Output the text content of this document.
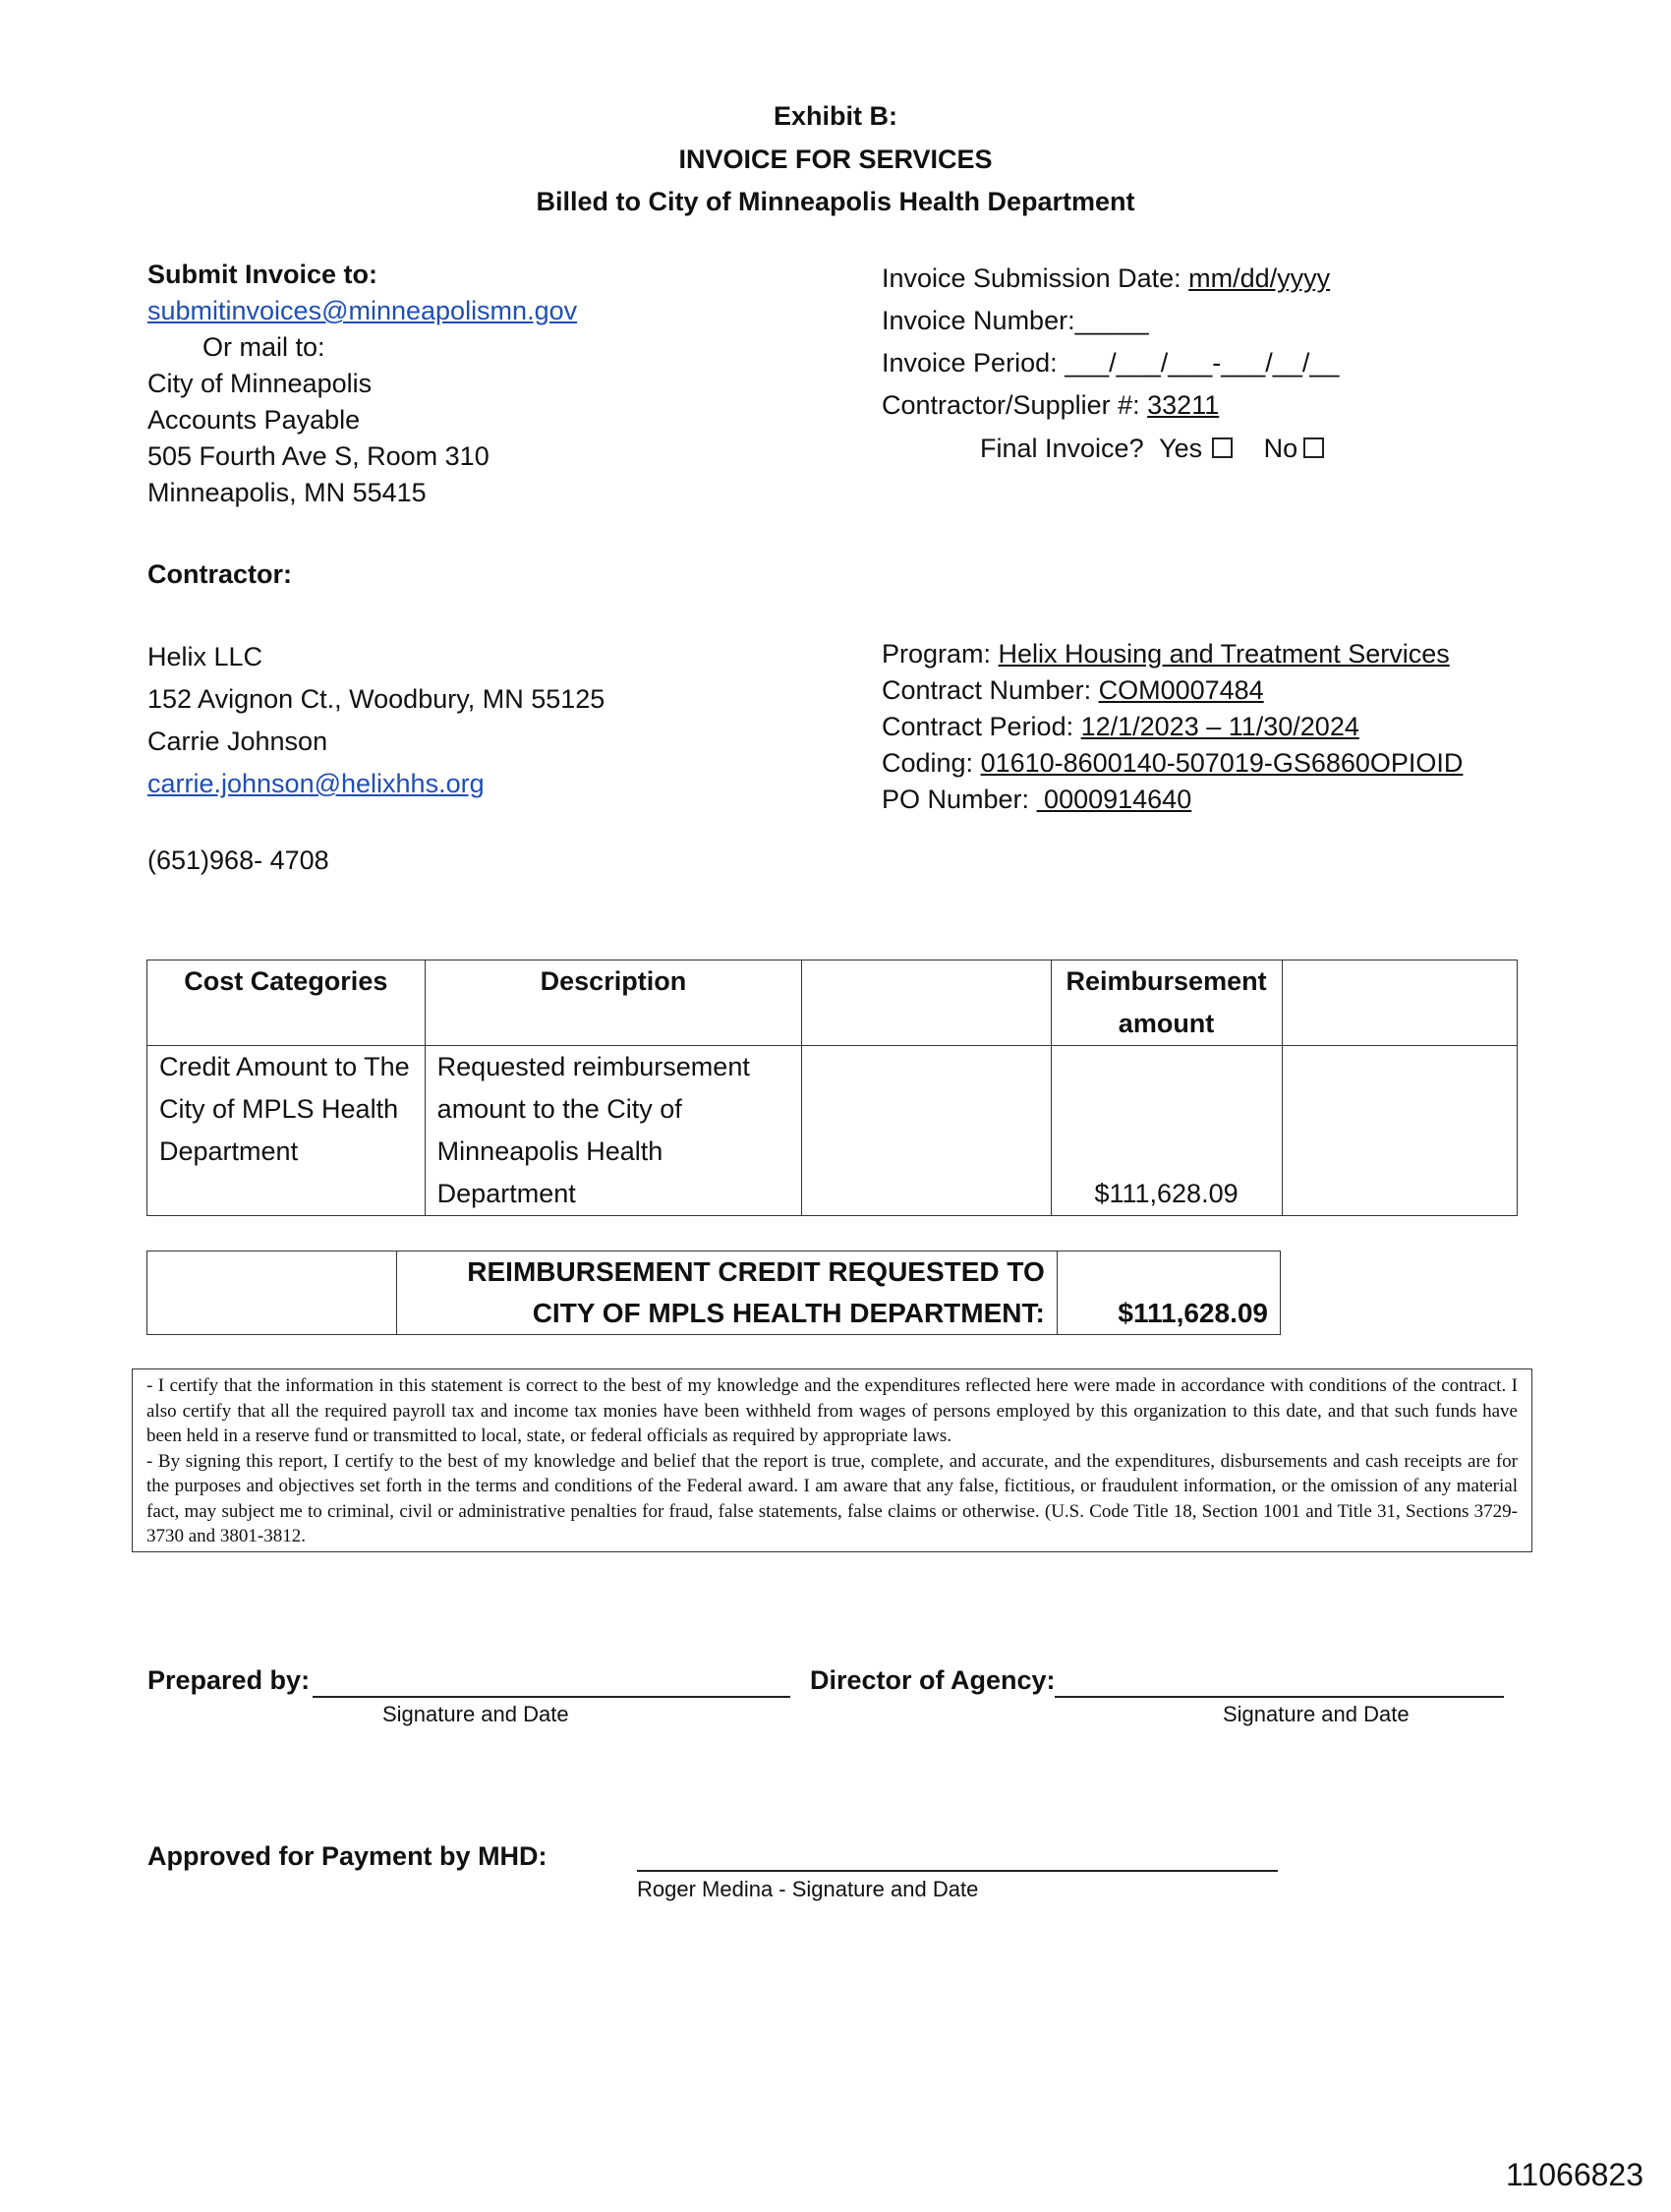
Exhibit B:
INVOICE FOR SERVICES
Billed to City of Minneapolis Health Department
Submit Invoice to:
submitinvoices@minneapolismn.gov
Or mail to:
City of Minneapolis
Accounts Payable
505 Fourth Ave S, Room 310
Minneapolis, MN 55415
Invoice Submission Date: mm/dd/yyyy
Invoice Number:_____
Invoice Period: ___/___/___-___/__/__
Contractor/Supplier #: 33211
Final Invoice? Yes No
Contractor:
Helix LLC
152 Avignon Ct., Woodbury, MN 55125
Carrie Johnson
carrie.johnson@helixhhs.org
(651)968- 4708
Program: Helix Housing and Treatment Services
Contract Number: COM0007484
Contract Period: 12/1/2023 – 11/30/2024
Coding: 01610-8600140-507019-GS6860OPIOID
PO Number:  0000914640
Cost Categories	Description		Reimbursement amount	
Credit Amount to The City of MPLS Health Department	Requested reimbursement amount to the City of Minneapolis Health Department		$111,628.09	

REIMBURSEMENT CREDIT REQUESTED TO
CITY OF MPLS HEALTH DEPARTMENT:	$111,628.09

- I certify that the information in this statement is correct to the best of my knowledge and the expenditures reflected here were made in accordance with conditions of the contract. I also certify that all the required payroll tax and income tax monies have been withheld from wages of persons employed by this organization to this date, and that such funds have been held in a reserve fund or transmitted to local, state, or federal officials as required by appropriate laws.

- By signing this report, I certify to the best of my knowledge and belief that the report is true, complete, and accurate, and the expenditures, disbursements and cash receipts are for the purposes and objectives set forth in the terms and conditions of the Federal award. I am aware that any false, fictitious, or fraudulent information, or the omission of any material fact, may subject me to criminal, civil or administrative penalties for fraud, false statements, false claims or otherwise. (U.S. Code Title 18, Section 1001 and Title 31, Sections 3729-3730 and 3801-3812.

Prepared by:
Signature and Date
Director of Agency:
Signature and Date
Approved for Payment by MHD:
Roger Medina - Signature and Date
11066823
